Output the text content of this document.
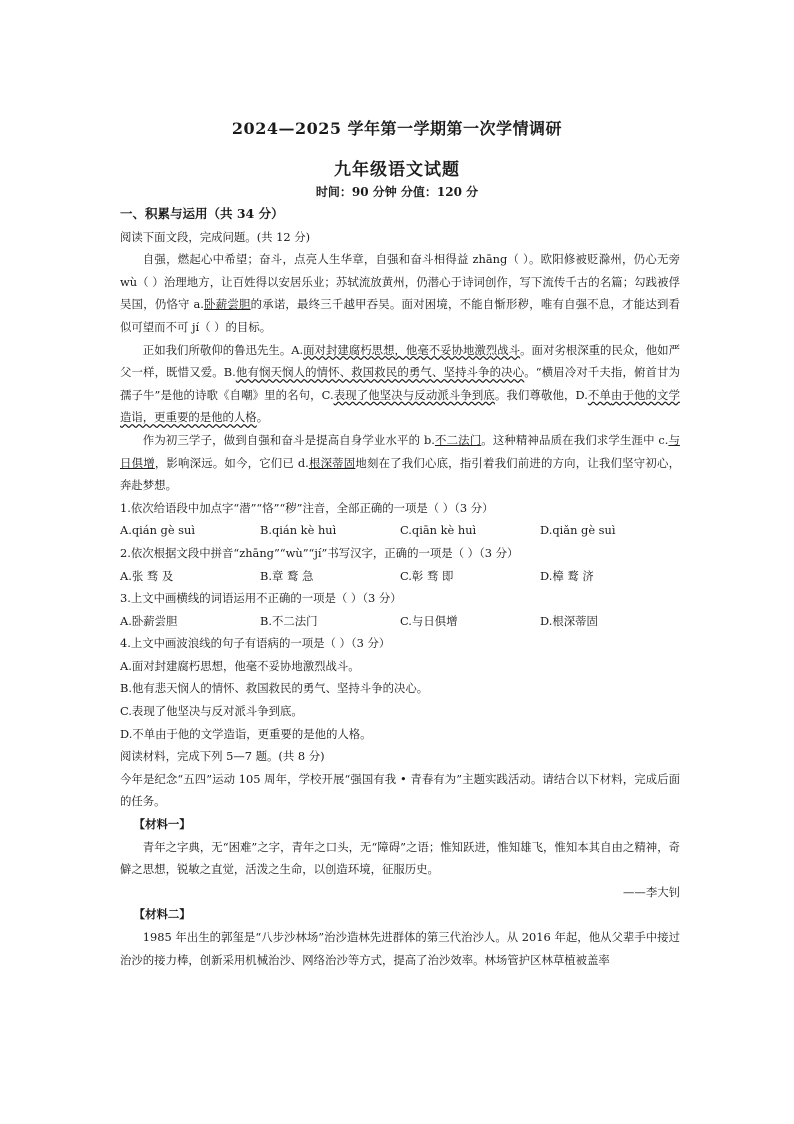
2024—2025 学年第一学期第一次学情调研
九年级语文试题
时间：90 分钟 分值：120 分

一、积累与运用（共 34 分）

阅读下面文段，完成问题。(共 12 分)

自强，燃起心中希望；奋斗，点亮人生华章，自强和奋斗相得益 zhāng（ ）。欧阳修被贬滁州，仍心无旁 wù（ ）治理地方，让百姓得以安居乐业；苏轼流放黄州，仍潜心于诗词创作，写下流传千古的名篇；勾践被俘吴国，仍恪守 a.卧薪尝胆的承诺，最终三千越甲吞吴。面对困境，不能自惭形秽，唯有自强不息，才能达到看似可望而不可 jí（ ）的目标。

正如我们所敬仰的鲁迅先生。A.面对封建腐朽思想，他毫不妥协地激烈战斗。面对劣根深重的民众，他如严父一样，既惜又爱。B.他有悯天悯人的情怀、救国救民的勇气、坚持斗争的决心。“横眉冷对千夫指，俯首甘为孺子牛”是他的诗歌《自嘲》里的名句，C.表现了他坚决与反动派斗争到底。我们尊敬他，D.不单由于他的文学造诣，更重要的是他的人格。

作为初三学子，做到自强和奋斗是提高自身学业水平的 b.不二法门。这种精神品质在我们求学生涯中 c.与日俱增，影响深远。如今，它们已 d.根深蒂固地刻在了我们心底，指引着我们前进的方向，让我们坚守初心，奔赴梦想。

1.依次给语段中加点字“潜”“恪”“秽”注音，全部正确的一项是（ ）（3 分）

A.qián gè suì	B.qián kè huì	C.qiān kè huì	D.qiǎn gè suì

2.依次根据文段中拼音“zhāng”“wù”“jí”书写汉字，正确的一项是（ ）（3 分）

A.张 骛 及	B.章 鹜 急	C.彰 骛 即	D.樟 鹜 济

3.上文中画横线的词语运用不正确的一项是（ ）（3 分）

A.卧薪尝胆	B.不二法门	C.与日俱增	D.根深蒂固

4.上文中画波浪线的句子有语病的一项是（ ）（3 分）

A.面对封建腐朽思想，他毫不妥协地激烈战斗。

B.他有悲天悯人的情怀、救国救民的勇气、坚持斗争的决心。

C.表现了他坚决与反对派斗争到底。

D.不单由于他的文学造诣，更重要的是他的人格。

阅读材料，完成下列 5—7 题。(共 8 分)

今年是纪念“五四”运动 105 周年，学校开展“强国有我 • 青春有为”主题实践活动。请结合以下材料，完成后面的任务。

【材料一】

青年之字典，无“困难”之字，青年之口头，无“障碍”之语；惟知跃进，惟知雄飞，惟知本其自由之精神，奇僻之思想，锐敏之直觉，活泼之生命，以创造环境，征服历史。

——李大钊

【材料二】

1985 年出生的郭玺是“八步沙林场”治沙造林先进群体的第三代治沙人。从 2016 年起，他从父辈手中接过治沙的接力棒，创新采用机械治沙、网络治沙等方式，提高了治沙效率。林场管护区林草植被盖率
